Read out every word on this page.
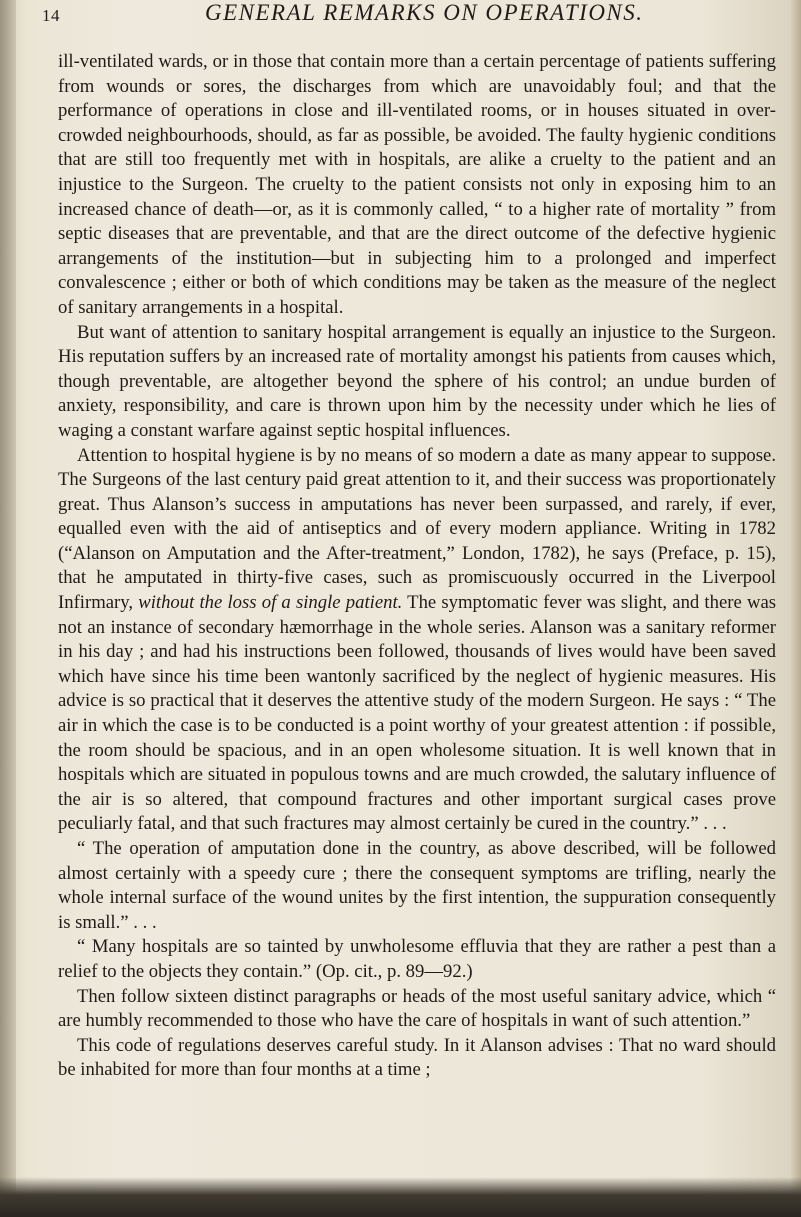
14	GENERAL REMARKS ON OPERATIONS.

ill-ventilated wards, or in those that contain more than a certain percentage of patients suffering from wounds or sores, the discharges from which are unavoidably foul; and that the performance of operations in close and ill-ventilated rooms, or in houses situated in over-crowded neighbourhoods, should, as far as possible, be avoided. The faulty hygienic conditions that are still too frequently met with in hospitals, are alike a cruelty to the patient and an injustice to the Surgeon. The cruelty to the patient consists not only in exposing him to an increased chance of death—or, as it is commonly called, “ to a higher rate of mortality ” from septic diseases that are preventable, and that are the direct outcome of the defective hygienic arrangements of the institution—but in subjecting him to a prolonged and imperfect convalescence ; either or both of which conditions may be taken as the measure of the neglect of sanitary arrangements in a hospital.

But want of attention to sanitary hospital arrangement is equally an injustice to the Surgeon. His reputation suffers by an increased rate of mortality amongst his patients from causes which, though preventable, are altogether beyond the sphere of his control; an undue burden of anxiety, responsibility, and care is thrown upon him by the necessity under which he lies of waging a constant warfare against septic hospital influences.

Attention to hospital hygiene is by no means of so modern a date as many appear to suppose. The Surgeons of the last century paid great attention to it, and their success was proportionately great. Thus Alanson’s success in amputations has never been surpassed, and rarely, if ever, equalled even with the aid of antiseptics and of every modern appliance. Writing in 1782 (“Alanson on Amputation and the After-treatment,” London, 1782), he says (Preface, p. 15), that he amputated in thirty-five cases, such as promiscuously occurred in the Liverpool Infirmary, without the loss of a single patient. The symptomatic fever was slight, and there was not an instance of secondary hæmorrhage in the whole series. Alanson was a sanitary reformer in his day ; and had his instructions been followed, thousands of lives would have been saved which have since his time been wantonly sacrificed by the neglect of hygienic measures. His advice is so practical that it deserves the attentive study of the modern Surgeon. He says : “ The air in which the case is to be conducted is a point worthy of your greatest attention : if possible, the room should be spacious, and in an open wholesome situation. It is well known that in hospitals which are situated in populous towns and are much crowded, the salutary influence of the air is so altered, that compound fractures and other important surgical cases prove peculiarly fatal, and that such fractures may almost certainly be cured in the country.” . . .

“ The operation of amputation done in the country, as above described, will be followed almost certainly with a speedy cure ; there the consequent symptoms are trifling, nearly the whole internal surface of the wound unites by the first intention, the suppuration consequently is small.” . . .

“ Many hospitals are so tainted by unwholesome effluvia that they are rather a pest than a relief to the objects they contain.” (Op. cit., p. 89—92.)

Then follow sixteen distinct paragraphs or heads of the most useful sanitary advice, which “ are humbly recommended to those who have the care of hospitals in want of such attention.”

This code of regulations deserves careful study. In it Alanson advises : That no ward should be inhabited for more than four months at a time ;
